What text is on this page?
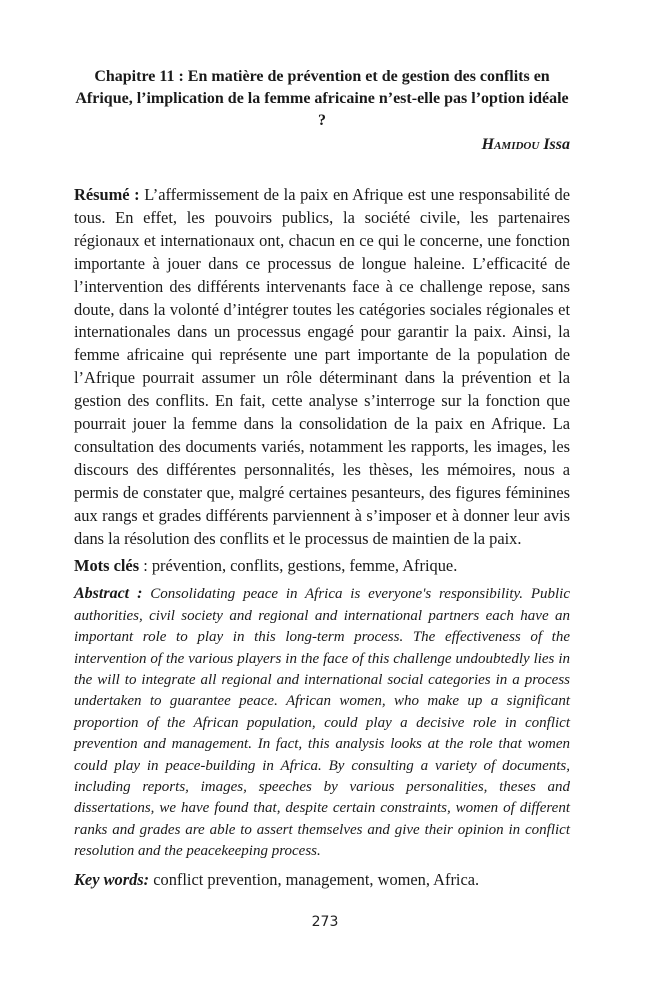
Chapitre 11 : En matière de prévention et de gestion des conflits en Afrique, l’implication de la femme africaine n’est-elle pas l’option idéale ?

Hamidou Issa

Résumé : L’affermissement de la paix en Afrique est une responsabilité de tous. En effet, les pouvoirs publics, la société civile, les partenaires régionaux et internationaux ont, chacun en ce qui le concerne, une fonction importante à jouer dans ce processus de longue haleine. L’efficacité de l’intervention des différents intervenants face à ce challenge repose, sans doute, dans la volonté d’intégrer toutes les catégories sociales régionales et internationales dans un processus engagé pour garantir la paix. Ainsi, la femme africaine qui représente une part importante de la population de l’Afrique pourrait assumer un rôle déterminant dans la prévention et la gestion des conflits. En fait, cette analyse s’interroge sur la fonction que pourrait jouer la femme dans la consolidation de la paix en Afrique. La consultation des documents variés, notamment les rapports, les images, les discours des différentes personnalités, les thèses, les mémoires, nous a permis de constater que, malgré certaines pesanteurs, des figures féminines aux rangs et grades différents parviennent à s’imposer et à donner leur avis dans la résolution des conflits et le processus de maintien de la paix.

Mots clés : prévention, conflits, gestions, femme, Afrique.

Abstract : Consolidating peace in Africa is everyone's responsibility. Public authorities, civil society and regional and international partners each have an important role to play in this long-term process. The effectiveness of the intervention of the various players in the face of this challenge undoubtedly lies in the will to integrate all regional and international social categories in a process undertaken to guarantee peace. African women, who make up a significant proportion of the African population, could play a decisive role in conflict prevention and management. In fact, this analysis looks at the role that women could play in peace-building in Africa. By consulting a variety of documents, including reports, images, speeches by various personalities, theses and dissertations, we have found that, despite certain constraints, women of different ranks and grades are able to assert themselves and give their opinion in conflict resolution and the peacekeeping process.

Key words: conflict prevention, management, women, Africa.

273
